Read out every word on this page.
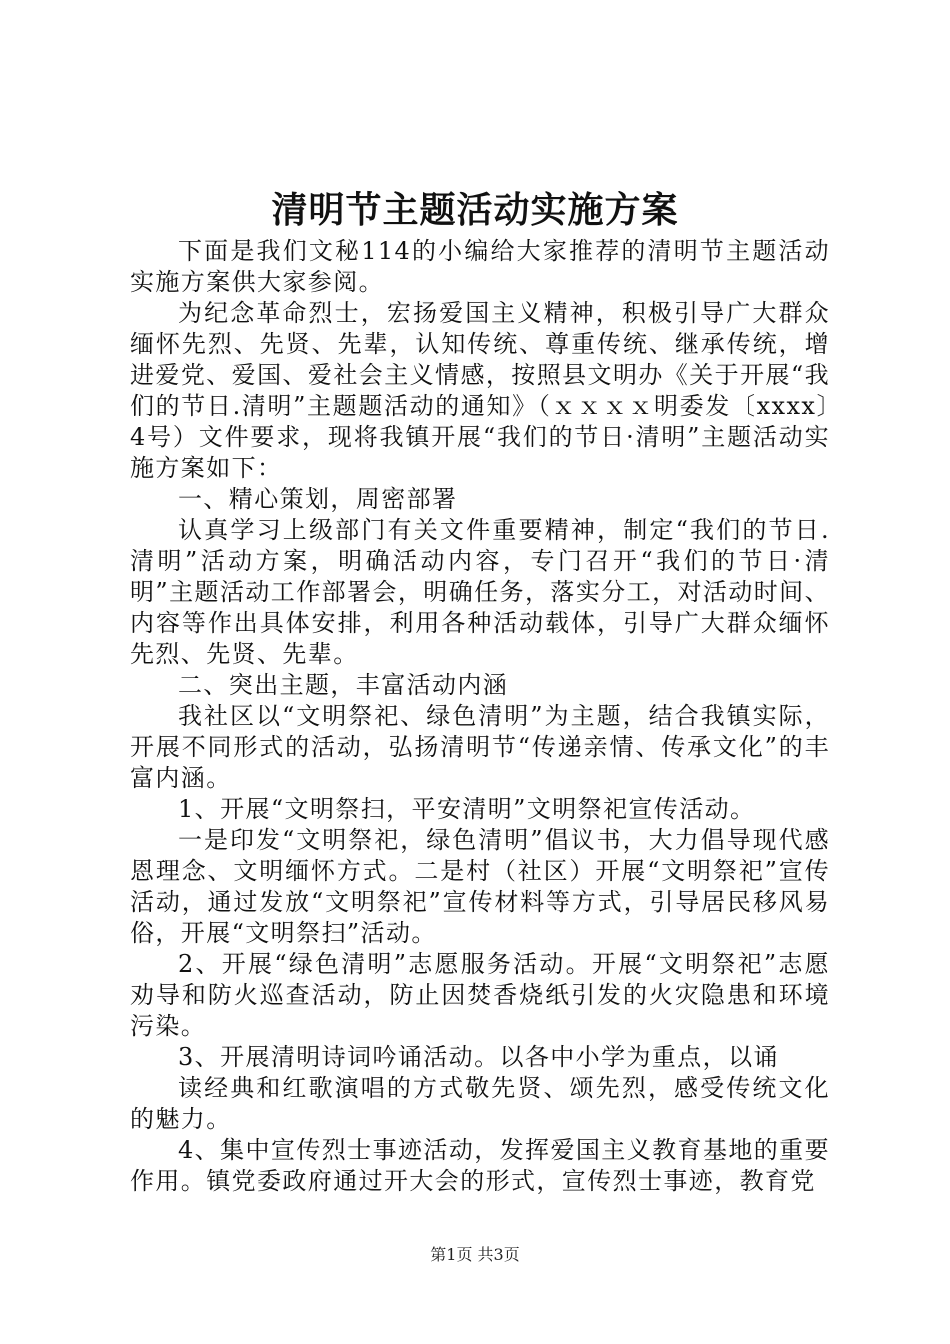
清明节主题活动实施方案

下面是我们文秘114的小编给大家推荐的清明节主题活动实施方案供大家参阅。

为纪念革命烈士，宏扬爱国主义精神，积极引导广大群众缅怀先烈、先贤、先辈，认知传统、尊重传统、继承传统，增进爱党、爱国、爱社会主义情感，按照县文明办《关于开展“我们的节日.清明”主题题活动的通知》（ｘｘｘｘ明委发〔xxxx〕4号）文件要求，现将我镇开展“我们的节日·清明”主题活动实施方案如下：

一、精心策划，周密部署

认真学习上级部门有关文件重要精神，制定“我们的节日.清明”活动方案，明确活动内容，专门召开“我们的节日·清明”主题活动工作部署会，明确任务，落实分工，对活动时间、内容等作出具体安排，利用各种活动载体，引导广大群众缅怀先烈、先贤、先辈。

二、突出主题，丰富活动内涵

我社区以“文明祭祀、绿色清明”为主题，结合我镇实际，开展不同形式的活动，弘扬清明节“传递亲情、传承文化”的丰富内涵。

1、开展“文明祭扫，平安清明”文明祭祀宣传活动。

一是印发“文明祭祀，绿色清明”倡议书，大力倡导现代感恩理念、文明缅怀方式。二是村（社区）开展“文明祭祀”宣传活动，通过发放“文明祭祀”宣传材料等方式，引导居民移风易俗，开展“文明祭扫”活动。

2、开展“绿色清明”志愿服务活动。开展“文明祭祀”志愿劝导和防火巡查活动，防止因焚香烧纸引发的火灾隐患和环境污染。

3、开展清明诗词吟诵活动。以各中小学为重点，以诵

读经典和红歌演唱的方式敬先贤、颂先烈，感受传统文化的魅力。

4、集中宣传烈士事迹活动，发挥爱国主义教育基地的重要作用。镇党委政府通过开大会的形式，宣传烈士事迹，教育党

第1页 共3页
